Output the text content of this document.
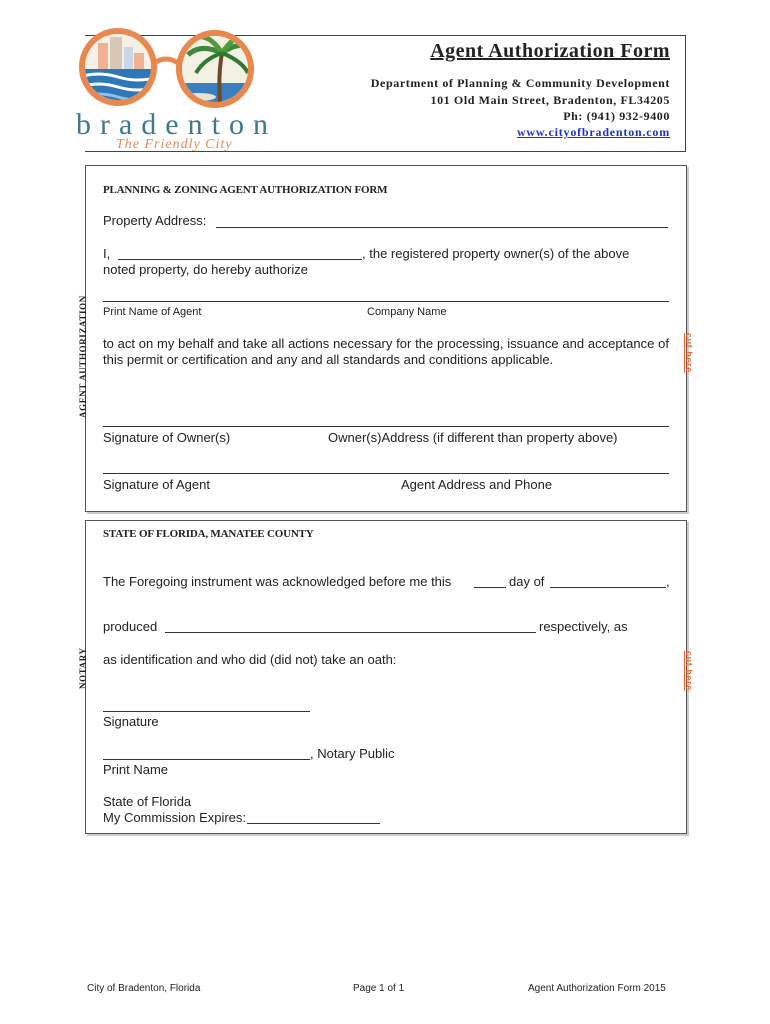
bradenton
The Friendly City
Agent Authorization Form
Department of Planning & Community Development
101 Old Main Street, Bradenton, FL34205
Ph: (941) 932-9400
www.cityofbradenton.com
AGENT AUTHORIZATION	cut here
PLANNING & ZONING AGENT AUTHORIZATION FORM
Property Address:
I,	, the registered property owner(s) of the above
noted property, do hereby authorize
Print Name of Agent	Company Name
to act on my behalf and take all actions necessary for the processing, issuance and acceptance of this permit or certification and any and all standards and conditions applicable.
Signature of Owner(s)	Owner(s)Address (if different than property above)
Signature of Agent	Agent Address and Phone
NOTARY	cut here
STATE OF FLORIDA, MANATEE COUNTY
The Foregoing instrument was acknowledged before me this	day of	,
produced	respectively, as
as identification and who did (did not) take an oath:
Signature
, Notary Public
Print Name
State of Florida
My Commission Expires:
City of Bradenton, Florida	Page 1 of 1	Agent Authorization Form 2015
